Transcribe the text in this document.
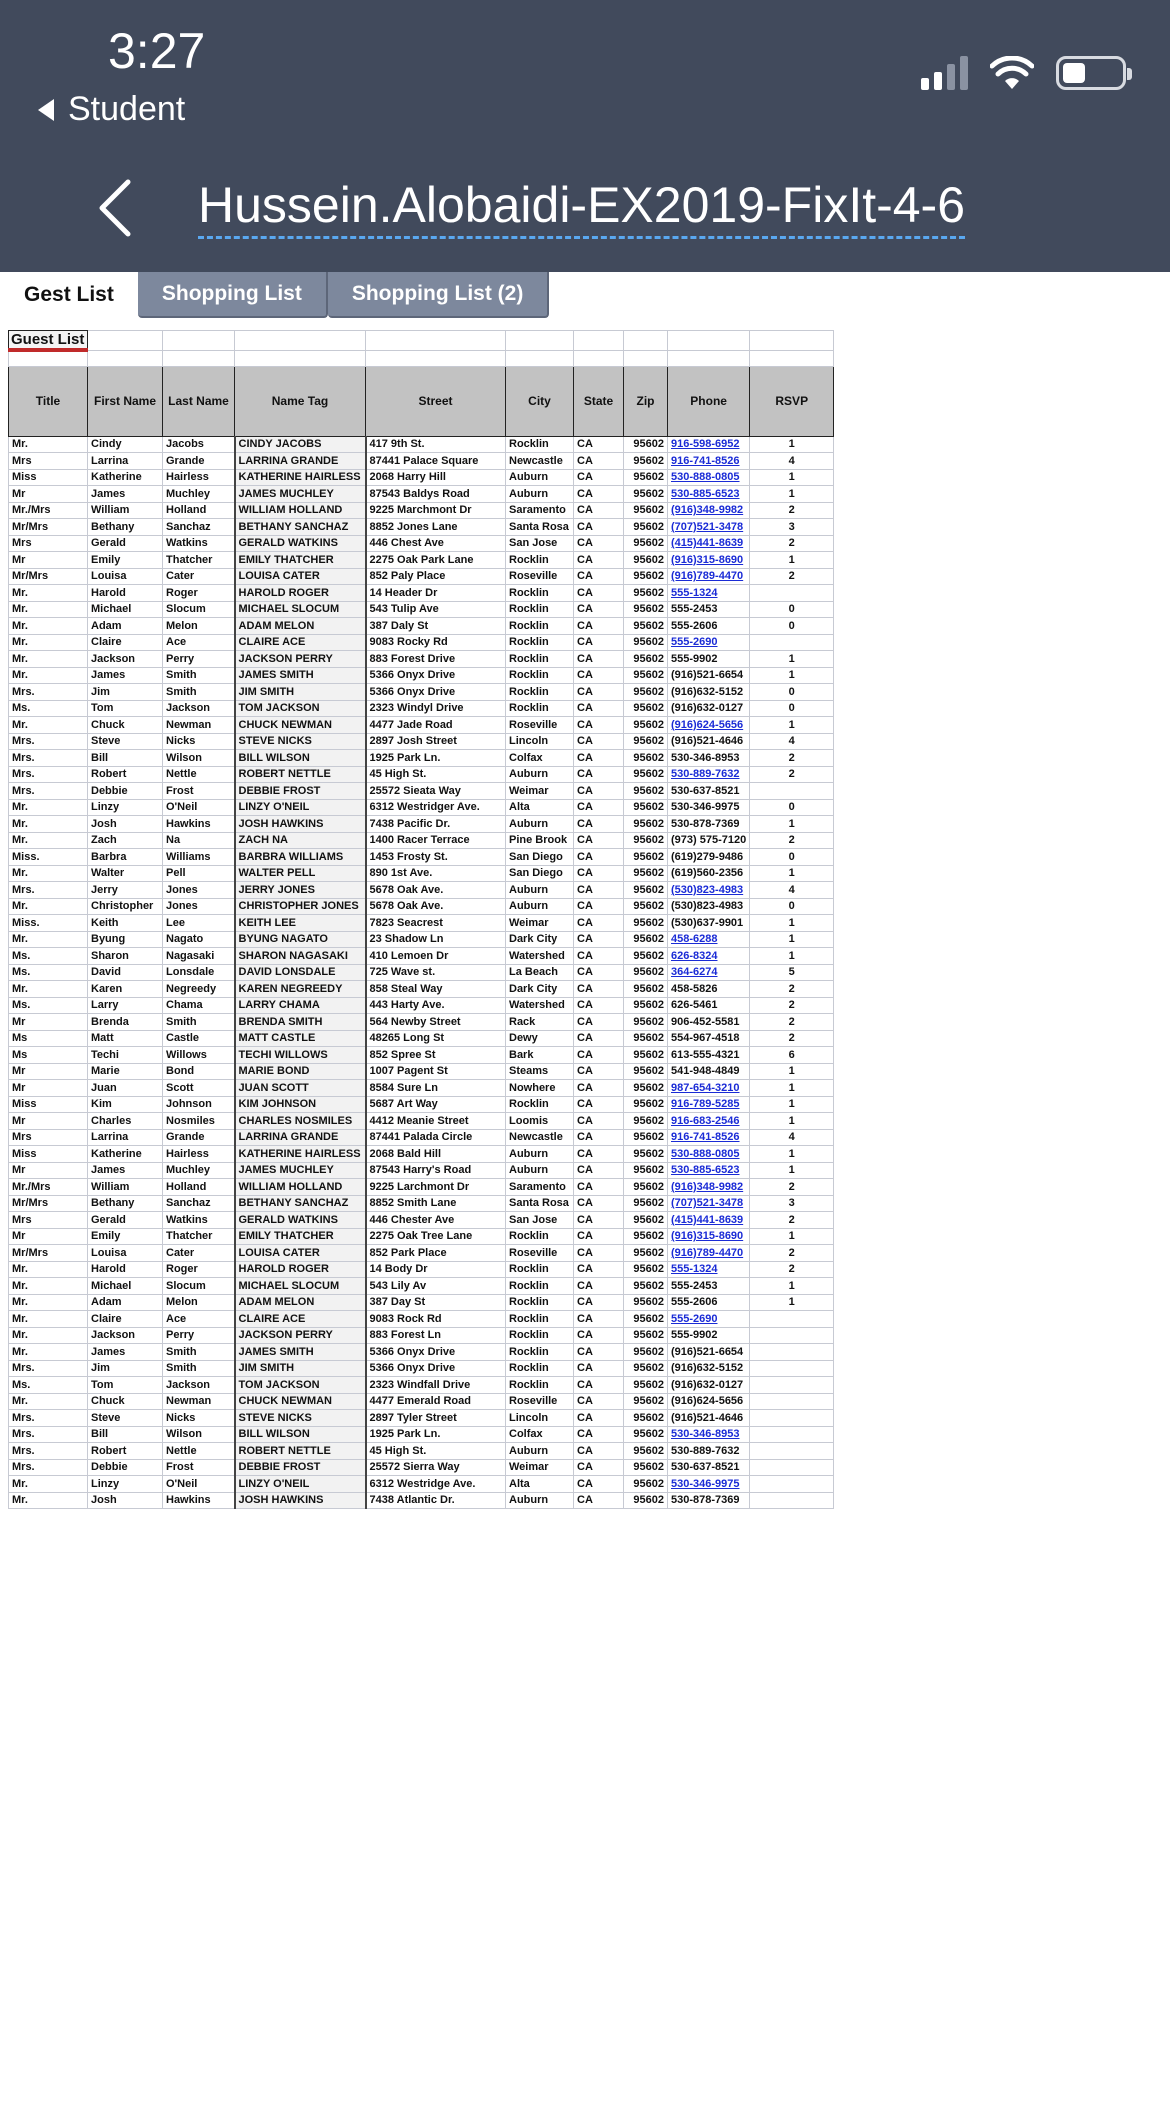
3:27
Student
Hussein.Alobaidi-EX2019-FixIt-4-6
Gest List	Shopping List	Shopping List (2)
Guest List									

Title	First Name	Last Name	Name Tag	Street	City	State	Zip	Phone	RSVP
Mr.	Cindy	Jacobs	CINDY JACOBS	417 9th St.	Rocklin	CA	95602	916-598-6952	1
Mrs	Larrina	Grande	LARRINA GRANDE	87441 Palace Square	Newcastle	CA	95602	916-741-8526	4
Miss	Katherine	Hairless	KATHERINE HAIRLESS	2068 Harry Hill	Auburn	CA	95602	530-888-0805	1
Mr	James	Muchley	JAMES MUCHLEY	87543 Baldys Road	Auburn	CA	95602	530-885-6523	1
Mr./Mrs	William	Holland	WILLIAM HOLLAND	9225 Marchmont Dr	Saramento	CA	95602	(916)348-9982	2
Mr/Mrs	Bethany	Sanchaz	BETHANY SANCHAZ	8852 Jones Lane	Santa Rosa	CA	95602	(707)521-3478	3
Mrs	Gerald	Watkins	GERALD WATKINS	446 Chest Ave	San Jose	CA	95602	(415)441-8639	2
Mr	Emily	Thatcher	EMILY THATCHER	2275 Oak Park Lane	Rocklin	CA	95602	(916)315-8690	1
Mr/Mrs	Louisa	Cater	LOUISA CATER	852 Paly Place	Roseville	CA	95602	(916)789-4470	2
Mr.	Harold	Roger	HAROLD ROGER	14 Header Dr	Rocklin	CA	95602	555-1324	
Mr.	Michael	Slocum	MICHAEL SLOCUM	543 Tulip Ave	Rocklin	CA	95602	555-2453	0
Mr.	Adam	Melon	ADAM MELON	387 Daly St	Rocklin	CA	95602	555-2606	0
Mr.	Claire	Ace	CLAIRE ACE	9083 Rocky Rd	Rocklin	CA	95602	555-2690	
Mr.	Jackson	Perry	JACKSON PERRY	883 Forest Drive	Rocklin	CA	95602	555-9902	1
Mr.	James	Smith	JAMES SMITH	5366 Onyx Drive	Rocklin	CA	95602	(916)521-6654	1
Mrs.	Jim	Smith	JIM SMITH	5366 Onyx Drive	Rocklin	CA	95602	(916)632-5152	0
Ms.	Tom	Jackson	TOM JACKSON	2323 Windyl Drive	Rocklin	CA	95602	(916)632-0127	0
Mr.	Chuck	Newman	CHUCK NEWMAN	4477 Jade Road	Roseville	CA	95602	(916)624-5656	1
Mrs.	Steve	Nicks	STEVE NICKS	2897 Josh Street	Lincoln	CA	95602	(916)521-4646	4
Mrs.	Bill	Wilson	BILL WILSON	1925 Park Ln.	Colfax	CA	95602	530-346-8953	2
Mrs.	Robert	Nettle	ROBERT NETTLE	45 High St.	Auburn	CA	95602	530-889-7632	2
Mrs.	Debbie	Frost	DEBBIE FROST	25572 Sieata Way	Weimar	CA	95602	530-637-8521	
Mr.	Linzy	O'Neil	LINZY O'NEIL	6312 Westridger Ave.	Alta	CA	95602	530-346-9975	0
Mr.	Josh	Hawkins	JOSH HAWKINS	7438 Pacific Dr.	Auburn	CA	95602	530-878-7369	1
Mr.	Zach	Na	ZACH NA	1400 Racer Terrace	Pine Brook	CA	95602	(973) 575-7120	2
Miss.	Barbra	Williams	BARBRA WILLIAMS	1453 Frosty St.	San Diego	CA	95602	(619)279-9486	0
Mr.	Walter	Pell	WALTER PELL	890 1st Ave.	San Diego	CA	95602	(619)560-2356	1
Mrs.	Jerry	Jones	JERRY JONES	5678 Oak Ave.	Auburn	CA	95602	(530)823-4983	4
Mr.	Christopher	Jones	CHRISTOPHER JONES	5678 Oak Ave.	Auburn	CA	95602	(530)823-4983	0
Miss.	Keith	Lee	KEITH LEE	7823 Seacrest	Weimar	CA	95602	(530)637-9901	1
Mr.	Byung	Nagato	BYUNG NAGATO	23 Shadow Ln	Dark City	CA	95602	458-6288	1
Ms.	Sharon	Nagasaki	SHARON NAGASAKI	410 Lemoen Dr	Watershed	CA	95602	626-8324	1
Ms.	David	Lonsdale	DAVID LONSDALE	725 Wave st.	La Beach	CA	95602	364-6274	5
Mr.	Karen	Negreedy	KAREN NEGREEDY	858 Steal Way	Dark City	CA	95602	458-5826	2
Ms.	Larry	Chama	LARRY CHAMA	443 Harty Ave.	Watershed	CA	95602	626-5461	2
Mr	Brenda	Smith	BRENDA SMITH	564 Newby Street	Rack	CA	95602	906-452-5581	2
Ms	Matt	Castle	MATT CASTLE	48265 Long St	Dewy	CA	95602	554-967-4518	2
Ms	Techi	Willows	TECHI WILLOWS	852 Spree St	Bark	CA	95602	613-555-4321	6
Mr	Marie	Bond	MARIE BOND	1007 Pagent St	Steams	CA	95602	541-948-4849	1
Mr	Juan	Scott	JUAN SCOTT	8584 Sure Ln	Nowhere	CA	95602	987-654-3210	1
Miss	Kim	Johnson	KIM JOHNSON	5687 Art Way	Rocklin	CA	95602	916-789-5285	1
Mr	Charles	Nosmiles	CHARLES NOSMILES	4412 Meanie Street	Loomis	CA	95602	916-683-2546	1
Mrs	Larrina	Grande	LARRINA GRANDE	87441 Palada Circle	Newcastle	CA	95602	916-741-8526	4
Miss	Katherine	Hairless	KATHERINE HAIRLESS	2068 Bald Hill	Auburn	CA	95602	530-888-0805	1
Mr	James	Muchley	JAMES MUCHLEY	87543 Harry's Road	Auburn	CA	95602	530-885-6523	1
Mr./Mrs	William	Holland	WILLIAM HOLLAND	9225 Larchmont Dr	Saramento	CA	95602	(916)348-9982	2
Mr/Mrs	Bethany	Sanchaz	BETHANY SANCHAZ	8852 Smith Lane	Santa Rosa	CA	95602	(707)521-3478	3
Mrs	Gerald	Watkins	GERALD WATKINS	446 Chester Ave	San Jose	CA	95602	(415)441-8639	2
Mr	Emily	Thatcher	EMILY THATCHER	2275 Oak Tree Lane	Rocklin	CA	95602	(916)315-8690	1
Mr/Mrs	Louisa	Cater	LOUISA CATER	852 Park Place	Roseville	CA	95602	(916)789-4470	2
Mr.	Harold	Roger	HAROLD ROGER	14 Body Dr	Rocklin	CA	95602	555-1324	2
Mr.	Michael	Slocum	MICHAEL SLOCUM	543 Lily Av	Rocklin	CA	95602	555-2453	1
Mr.	Adam	Melon	ADAM MELON	387 Day St	Rocklin	CA	95602	555-2606	1
Mr.	Claire	Ace	CLAIRE ACE	9083 Rock Rd	Rocklin	CA	95602	555-2690	
Mr.	Jackson	Perry	JACKSON PERRY	883 Forest Ln	Rocklin	CA	95602	555-9902	
Mr.	James	Smith	JAMES SMITH	5366 Onyx Drive	Rocklin	CA	95602	(916)521-6654	
Mrs.	Jim	Smith	JIM SMITH	5366 Onyx Drive	Rocklin	CA	95602	(916)632-5152	
Ms.	Tom	Jackson	TOM JACKSON	2323 Windfall Drive	Rocklin	CA	95602	(916)632-0127	
Mr.	Chuck	Newman	CHUCK NEWMAN	4477 Emerald Road	Roseville	CA	95602	(916)624-5656	
Mrs.	Steve	Nicks	STEVE NICKS	2897 Tyler Street	Lincoln	CA	95602	(916)521-4646	
Mrs.	Bill	Wilson	BILL WILSON	1925 Park Ln.	Colfax	CA	95602	530-346-8953	
Mrs.	Robert	Nettle	ROBERT NETTLE	45 High St.	Auburn	CA	95602	530-889-7632	
Mrs.	Debbie	Frost	DEBBIE FROST	25572 Sierra Way	Weimar	CA	95602	530-637-8521	
Mr.	Linzy	O'Neil	LINZY O'NEIL	6312 Westridge Ave.	Alta	CA	95602	530-346-9975	
Mr.	Josh	Hawkins	JOSH HAWKINS	7438 Atlantic Dr.	Auburn	CA	95602	530-878-7369	
